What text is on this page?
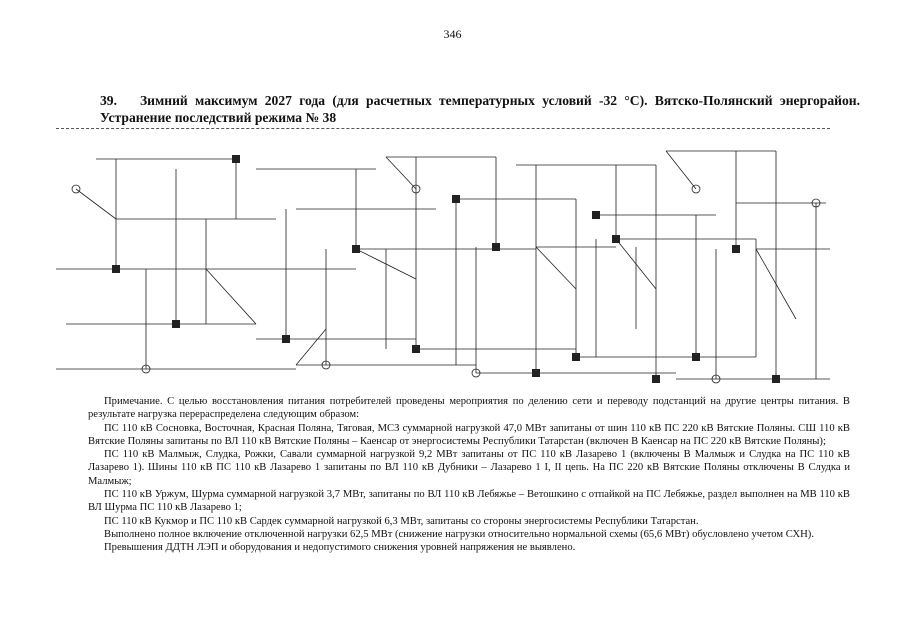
346
39. Зимний максимум 2027 года (для расчетных температурных условий -32 °С). Вятско-Полянский энергорайон. Устранение последствий режима № 38

Примечание. С целью восстановления питания потребителей проведены мероприятия по делению сети и переводу подстанций на другие центры питания. В результате нагрузка перераспределена следующим образом:

ПС 110 кВ Сосновка, Восточная, Красная Поляна, Тяговая, МСЗ суммарной нагрузкой 47,0 МВт запитаны от шин 110 кВ ПС 220 кВ Вятские Поляны. СШ 110 кВ Вятские Поляны запитаны по ВЛ 110 кВ Вятские Поляны – Каенсар от энергосистемы Республики Татарстан (включен В Каенсар на ПС 220 кВ Вятские Поляны);

ПС 110 кВ Малмыж, Слудка, Рожки, Савали суммарной нагрузкой 9,2 МВт запитаны от ПС 110 кВ Лазарево 1 (включены В Малмыж и Слудка на ПС 110 кВ Лазарево 1). Шины 110 кВ ПС 110 кВ Лазарево 1 запитаны по ВЛ 110 кВ Дубники – Лазарево 1 I, II цепь. На ПС 220 кВ Вятские Поляны отключены В Слудка и Малмыж;

ПС 110 кВ Уржум, Шурма суммарной нагрузкой 3,7 МВт, запитаны по ВЛ 110 кВ Лебяжье – Ветошкино с отпайкой на ПС Лебяжье, раздел выполнен на МВ 110 кВ ВЛ Шурма ПС 110 кВ Лазарево 1;

ПС 110 кВ Кукмор и ПС 110 кВ Сардек суммарной нагрузкой 6,3 МВт, запитаны со стороны энергосистемы Республики Татарстан.

Выполнено полное включение отключенной нагрузки 62,5 МВт (снижение нагрузки относительно нормальной схемы (65,6 МВт) обусловлено учетом СХН).

Превышения ДДТН ЛЭП и оборудования и недопустимого снижения уровней напряжения не выявлено.
